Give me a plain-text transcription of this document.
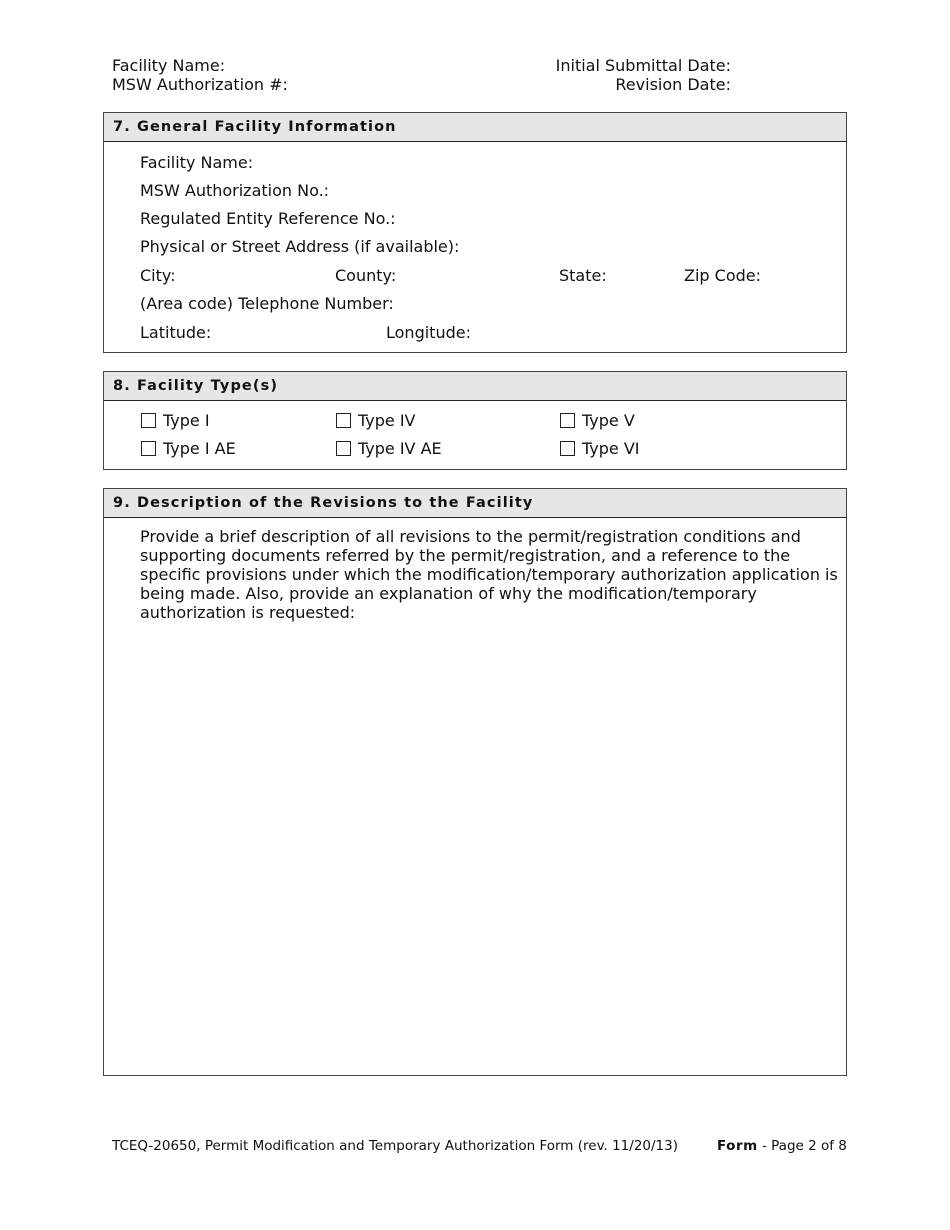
Facility Name:
MSW Authorization #:
Initial Submittal Date:
Revision Date:
7. General Facility Information
Facility Name:
MSW Authorization No.:
Regulated Entity Reference No.:
Physical or Street Address (if available):
City:	County:	State:	Zip Code:
(Area code) Telephone Number:
Latitude:	Longitude:
8. Facility Type(s)
Type I	Type IV	Type V
Type I AE	Type IV AE	Type VI
9. Description of the Revisions to the Facility
Provide a brief description of all revisions to the permit/registration conditions and supporting documents referred by the permit/registration, and a reference to the specific provisions under which the modification/temporary authorization application is being made. Also, provide an explanation of why the modification/temporary authorization is requested:
TCEQ-20650, Permit Modification and Temporary Authorization Form (rev. 11/20/13)	Form - Page 2 of 8
